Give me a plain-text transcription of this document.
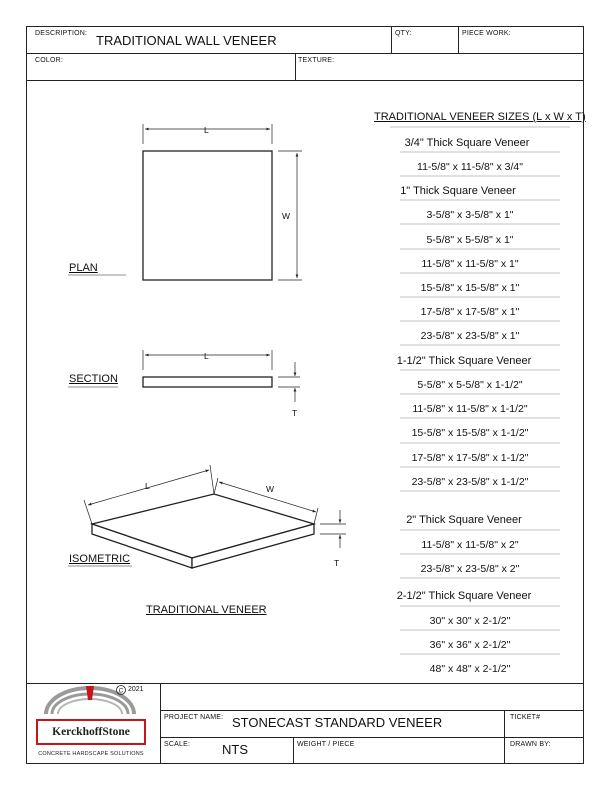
DESCRIPTION: TRADITIONAL WALL VENEER	QTY:	PIECE WORK:
COLOR:	TEXTURE:
C
L
W
L
T
L	W
T
PLAN
SECTION
ISOMETRIC
TRADITIONAL VENEER
TRADITIONAL VENEER SIZES (L x W x T)
3/4" Thick Square Veneer
11-5/8" x 11-5/8" x 3/4"
1" Thick Square Veneer
3-5/8" x 3-5/8" x 1"
5-5/8" x 5-5/8" x 1"
11-5/8" x 11-5/8" x 1"
15-5/8" x 15-5/8" x 1"
17-5/8" x 17-5/8" x 1"
23-5/8" x 23-5/8" x 1"
1-1/2" Thick Square Veneer
5-5/8" x 5-5/8" x 1-1/2"
11-5/8" x 11-5/8" x 1-1/2"
15-5/8" x 15-5/8" x 1-1/2"
17-5/8" x 17-5/8" x 1-1/2"
23-5/8" x 23-5/8" x 1-1/2"
2" Thick Square Veneer
11-5/8" x 11-5/8" x 2"
23-5/8" x 23-5/8" x 2"
2-1/2" Thick Square Veneer
30" x 30" x 2-1/2"
36" x 36" x 2-1/2"
48" x 48" x 2-1/2"
PROJECT NAME: STONECAST STANDARD VENEER	TICKET#
SCALE: NTS	WEIGHT / PIECE	DRAWN BY:
2021
KerckhoffStone
CONCRETE HARDSCAPE SOLUTIONS
